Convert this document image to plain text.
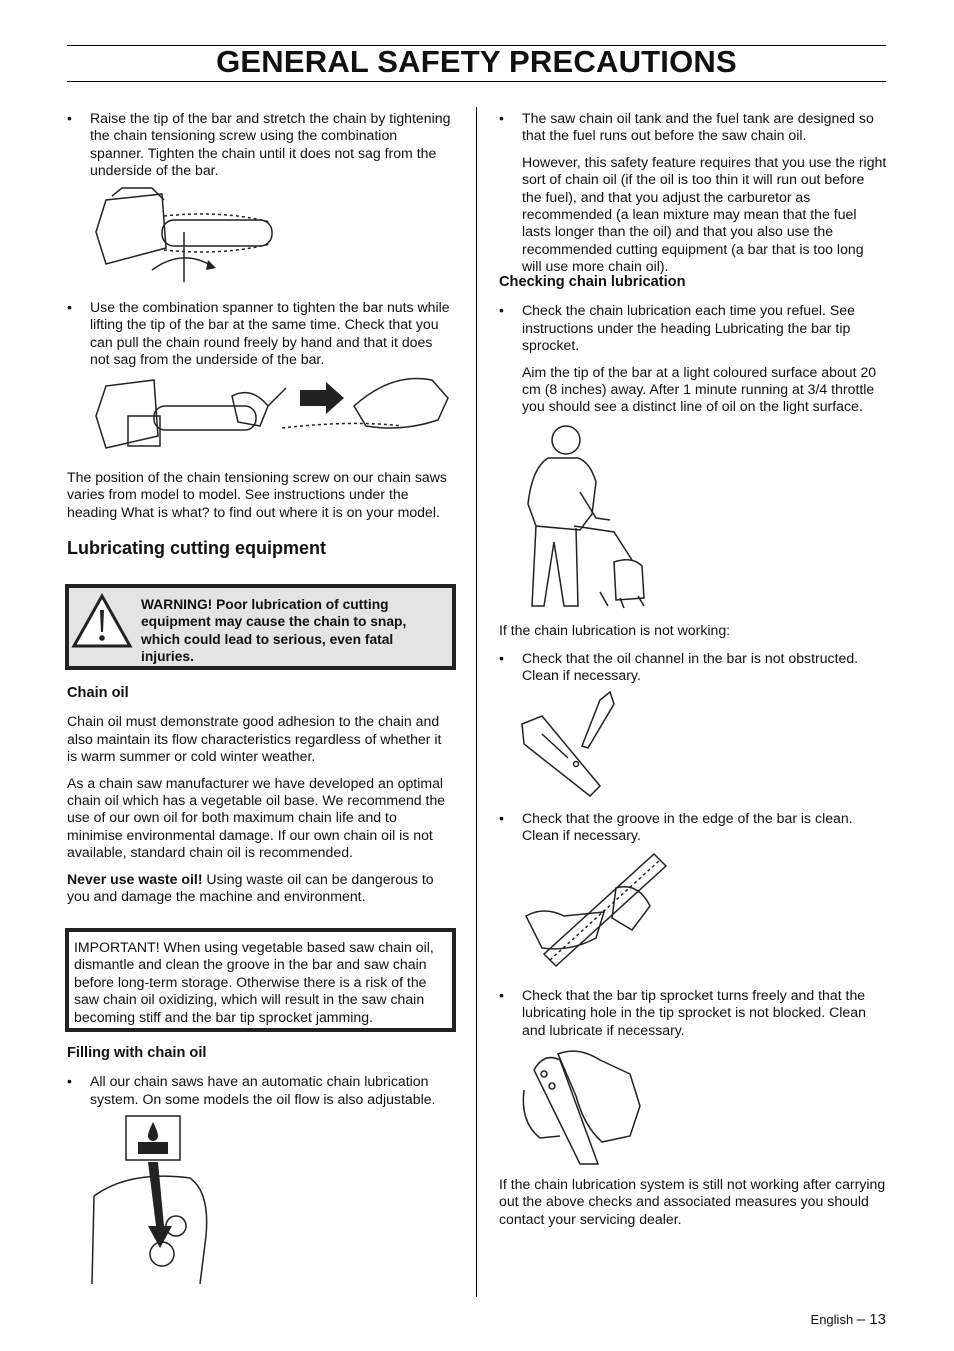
GENERAL SAFETY PRECAUTIONS
• Raise the tip of the bar and stretch the chain by tightening the chain tensioning screw using the combination spanner. Tighten the chain until it does not sag from the underside of the bar.
• Use the combination spanner to tighten the bar nuts while lifting the tip of the bar at the same time. Check that you can pull the chain round freely by hand and that it does not sag from the underside of the bar.

The position of the chain tensioning screw on our chain saws varies from model to model. See instructions under the heading What is what? to find out where it is on your model.

Lubricating cutting equipment
WARNING! Poor lubrication of cutting equipment may cause the chain to snap, which could lead to serious, even fatal injuries.
Chain oil

Chain oil must demonstrate good adhesion to the chain and also maintain its flow characteristics regardless of whether it is warm summer or cold winter weather.

As a chain saw manufacturer we have developed an optimal chain oil which has a vegetable oil base. We recommend the use of our own oil for both maximum chain life and to minimise environmental damage. If our own chain oil is not available, standard chain oil is recommended.

Never use waste oil! Using waste oil can be dangerous to you and damage the machine and environment.

IMPORTANT! When using vegetable based saw chain oil, dismantle and clean the groove in the bar and saw chain before long-term storage. Otherwise there is a risk of the saw chain oil oxidizing, which will result in the saw chain becoming stiff and the bar tip sprocket jamming.
Filling with chain oil
• All our chain saws have an automatic chain lubrication system. On some models the oil flow is also adjustable.
• The saw chain oil tank and the fuel tank are designed so that the fuel runs out before the saw chain oil.

However, this safety feature requires that you use the right sort of chain oil (if the oil is too thin it will run out before the fuel), and that you adjust the carburetor as recommended (a lean mixture may mean that the fuel lasts longer than the oil) and that you also use the recommended cutting equipment (a bar that is too long will use more chain oil).

Checking chain lubrication
• Check the chain lubrication each time you refuel. See instructions under the heading Lubricating the bar tip sprocket.

Aim the tip of the bar at a light coloured surface about 20 cm (8 inches) away. After 1 minute running at 3/4 throttle you should see a distinct line of oil on the light surface.

If the chain lubrication is not working:

• Check that the oil channel in the bar is not obstructed. Clean if necessary.
• Check that the groove in the edge of the bar is clean. Clean if necessary.
• Check that the bar tip sprocket turns freely and that the lubricating hole in the tip sprocket is not blocked. Clean and lubricate if necessary.

If the chain lubrication system is still not working after carrying out the above checks and associated measures you should contact your servicing dealer.

English – 13
